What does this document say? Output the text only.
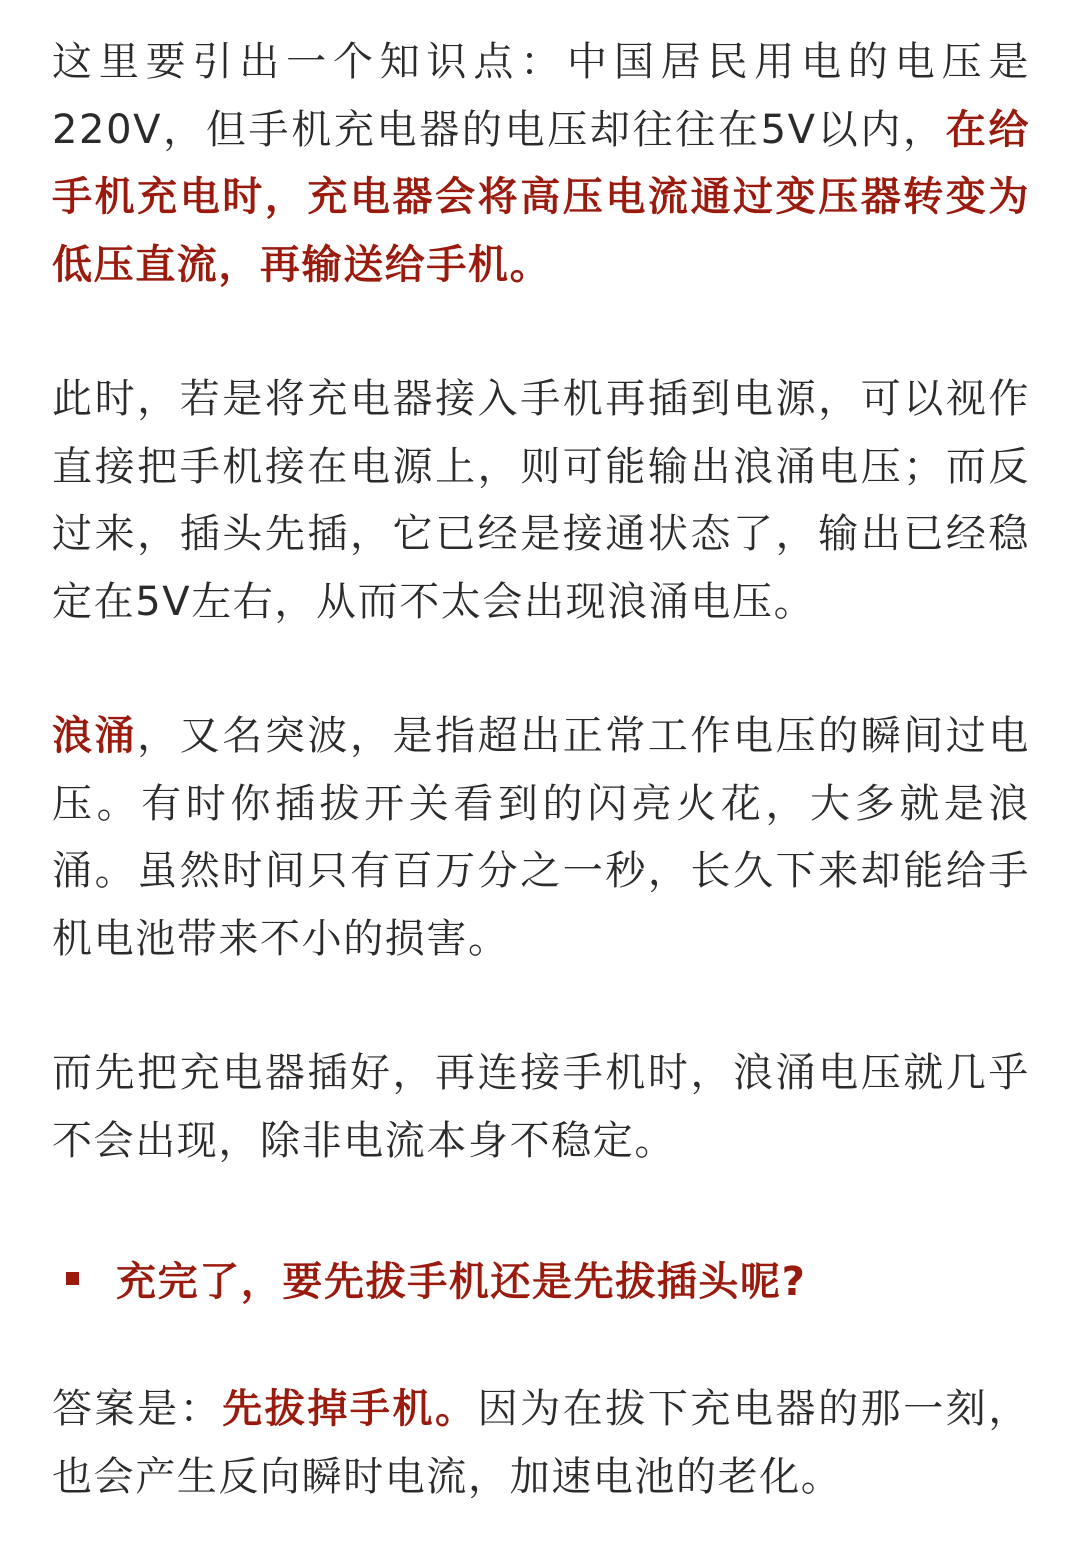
这里要引出一个知识点：中国居民用电的电压是220V，但手机充电器的电压却往往在5V以内，在给手机充电时，充电器会将高压电流通过变压器转变为低压直流，再输送给手机。

此时，若是将充电器接入手机再插到电源，可以视作直接把手机接在电源上，则可能输出浪涌电压；而反过来，插头先插，它已经是接通状态了，输出已经稳定在5V左右，从而不太会出现浪涌电压。

浪涌，又名突波，是指超出正常工作电压的瞬间过电压。有时你插拔开关看到的闪亮火花，大多就是浪涌。虽然时间只有百万分之一秒，长久下来却能给手机电池带来不小的损害。

而先把充电器插好，再连接手机时，浪涌电压就几乎不会出现，除非电流本身不稳定。

充完了，要先拔手机还是先拔插头呢?

答案是：先拔掉手机。因为在拔下充电器的那一刻，也会产生反向瞬时电流，加速电池的老化。
